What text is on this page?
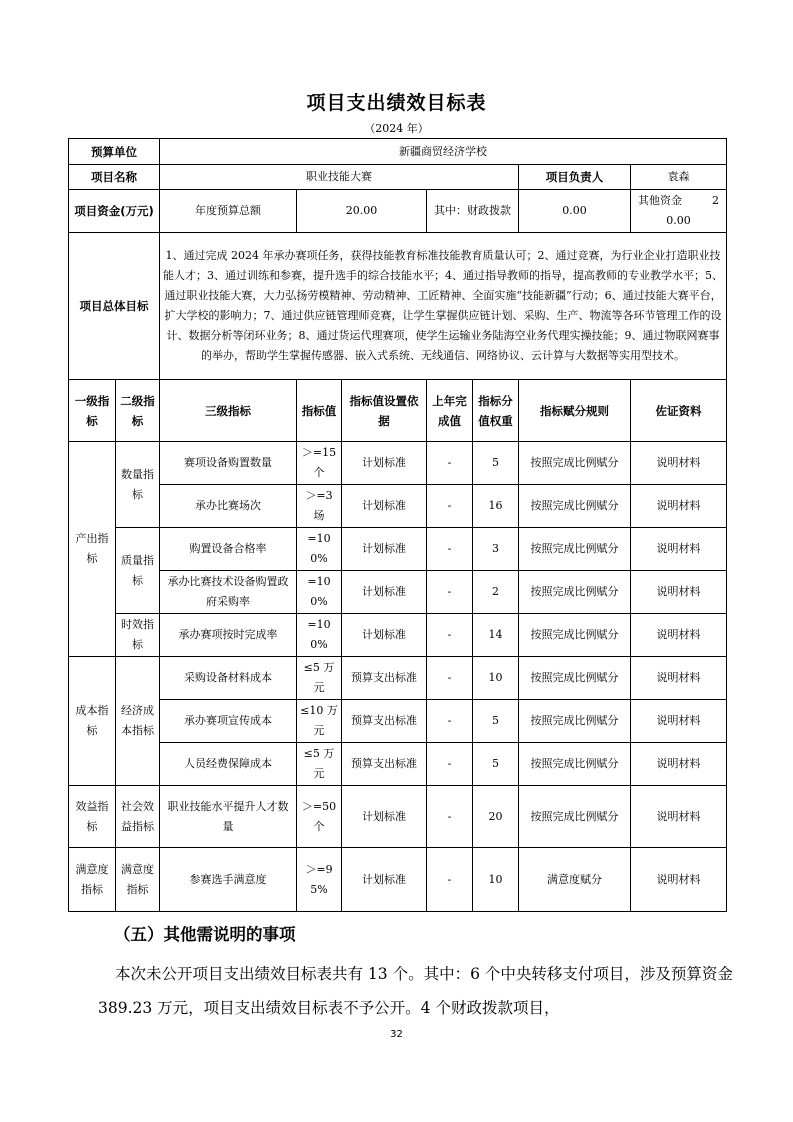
项目支出绩效目标表
（2024 年）
预算单位		新疆商贸经济学校						
项目名称		职业技能大赛					项目负责人	袁森
项目资金(万元)		年度预算总额	20.00		其中：财政拨款		0.00	其他资金 20.00
项目总体目标		1、通过完成 2024 年承办赛项任务，获得技能教育标准技能教育质量认可；2、通过竞赛，为行业企业打造职业技能人才；3、通过训练和参赛，提升选手的综合技能水平；4、通过指导教师的指导，提高教师的专业教学水平；5、通过职业技能大赛，大力弘扬劳模精神、劳动精神、工匠精神、全面实施“技能新疆”行动；6、通过技能大赛平台，扩大学校的影响力；7、通过供应链管理师竞赛，让学生掌握供应链计划、采购、生产、物流等各环节管理工作的设计、数据分析等闭环业务；8、通过货运代理赛项，使学生运输业务陆海空业务代理实操技能；9、通过物联网赛事的举办，帮助学生掌握传感器、嵌入式系统、无线通信、网络协议、云计算与大数据等实用型技术。						
一级指标	二级指标	三级指标	指标值	指标值设置依据	上年完成值	指标分值权重	指标赋分规则	佐证资料
产出指标	数量指标	赛项设备购置数量	＞=15个	计划标准	-	5	按照完成比例赋分	说明材料
		承办比赛场次	＞=3场	计划标准	-	16	按照完成比例赋分	说明材料
	质量指标	购置设备合格率	=100%	计划标准	-	3	按照完成比例赋分	说明材料
		承办比赛技术设备购置政府采购率	=100%	计划标准	-	2	按照完成比例赋分	说明材料
	时效指标	承办赛项按时完成率	=100%	计划标准	-	14	按照完成比例赋分	说明材料
成本指标	经济成本指标	采购设备材料成本	≤5 万元	预算支出标准	-	10	按照完成比例赋分	说明材料
		承办赛项宣传成本	≤10 万元	预算支出标准	-	5	按照完成比例赋分	说明材料
		人员经费保障成本	≤5 万元	预算支出标准	-	5	按照完成比例赋分	说明材料
效益指标	社会效益指标	职业技能水平提升人才数量	＞=50个	计划标准	-	20	按照完成比例赋分	说明材料
满意度指标	满意度指标	参赛选手满意度	＞=95%	计划标准	-	10	满意度赋分	说明材料
（五）其他需说明的事项
本次未公开项目支出绩效目标表共有 13 个。其中：6 个中央转移支付项目，涉及预算资金 389.23 万元，项目支出绩效目标表不予公开。4 个财政拨款项目，
32
